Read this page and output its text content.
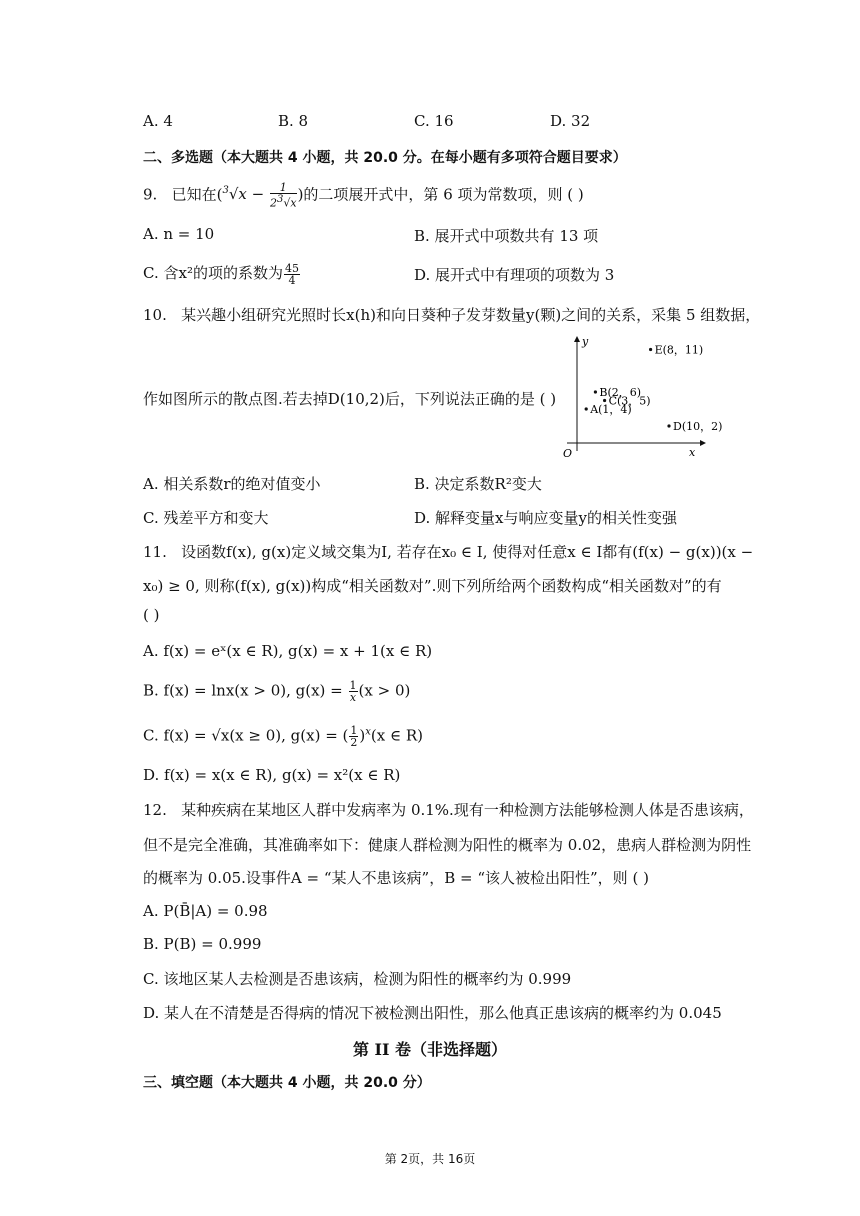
A. 4	B. 8	C. 16	D. 32
二、多选题（本大题共 4 小题，共 20.0 分。在每小题有多项符合题目要求）
9. 已知在($^3√x - \frac{1}{23√x}$ )的二项展开式中，第 6 项为常数项，则 ( )
A. n = 10	B. 展开式中项数共有 13 项
C. 含x²的项的系数为 $\frac{45}{4}$	D. 展开式中有理项的项数为 3
10. 某兴趣小组研究光照时长x(h)和向日葵种子发芽数量y(颗)之间的关系，采集 5 组数据，
作如图所示的散点图.若去掉D(10,2)后，下列说法正确的是 ( )
y
x
O
A(1，4)
B(2，6)
C(3，5)
D(10，2)
E(8，11)
A. 相关系数r的绝对值变小	B. 决定系数R²变大
C. 残差平方和变大	D. 解释变量x与响应变量y的相关性变强
11. 设函数f(x), g(x)定义域交集为I, 若存在x₀ ∈ I, 使得对任意x ∈ I都有(f(x) − g(x))(x −
x₀) ≥ 0, 则称(f(x), g(x))构成“相关函数对”.则下列所给两个函数构成“相关函数对”的有
( )
A. f(x) = eˣ(x ∈ R), g(x) = x + 1(x ∈ R)
B. f(x) = lnx(x > 0), $g(x) = \frac{1}{x} (x > 0)$
C. f(x) = √x(x ≥ 0), g(x) = ( $\frac{1}{2} )^x(x$ ∈ R)
D. f(x) = x(x ∈ R), g(x) = x²(x ∈ R)
12. 某种疾病在某地区人群中发病率为 0.1%.现有一种检测方法能够检测人体是否患该病，
但不是完全准确，其准确率如下：健康人群检测为阳性的概率为 0.02，患病人群检测为阴性
的概率为 0.05.设事件A = “某人不患该病”，B = “该人被检出阳性”，则 ( )
A. P(B̄|A) = 0.98
B. P(B) = 0.999
C. 该地区某人去检测是否患该病，检测为阳性的概率约为 0.999
D. 某人在不清楚是否得病的情况下被检测出阳性，那么他真正患该病的概率约为 0.045
第 II 卷（非选择题）
三、填空题（本大题共 4 小题，共 20.0 分）
第 2页，共 16页
